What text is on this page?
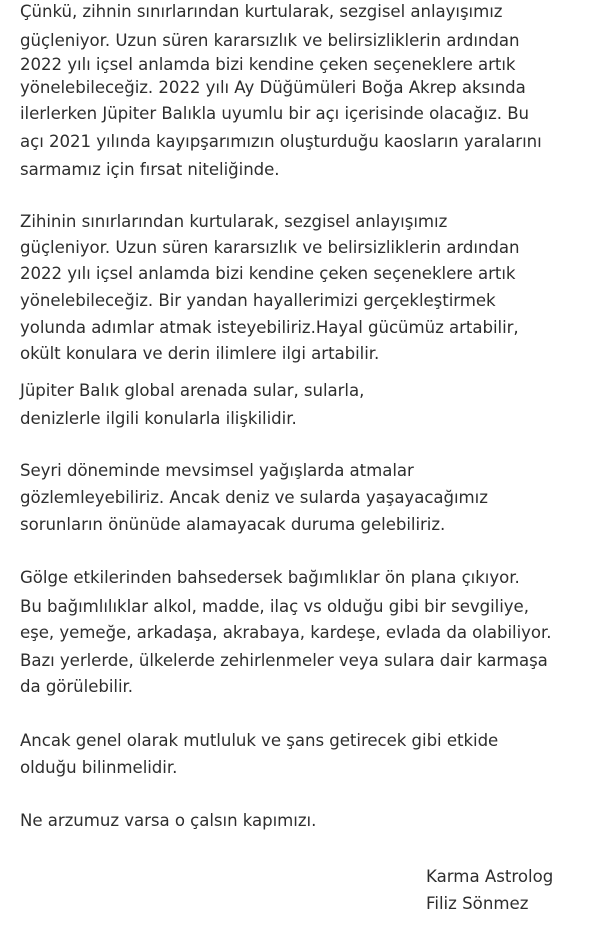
Çünkü, zihnin sınırlarından kurtularak, sezgisel anlayışımız
güçleniyor. Uzun süren kararsızlık ve belirsizliklerin ardından
2022 yılı içsel anlamda bizi kendine çeken seçeneklere artık
yönelebileceğiz. 2022 yılı Ay Düğümüleri Boğa Akrep aksında
ilerlerken Jüpiter Balıkla uyumlu bir açı içerisinde olacağız. Bu
açı 2021 yılında kayıpşarımızın oluşturduğu kaosların yaralarını
sarmamız için fırsat niteliğinde.
Zihinin sınırlarından kurtularak, sezgisel anlayışımız
güçleniyor. Uzun süren kararsızlık ve belirsizliklerin ardından
2022 yılı içsel anlamda bizi kendine çeken seçeneklere artık
yönelebileceğiz. Bir yandan hayallerimizi gerçekleştirmek
yolunda adımlar atmak isteyebiliriz.Hayal gücümüz artabilir,
okült konulara ve derin ilimlere ilgi artabilir.
Jüpiter Balık global arenada sular, sularla,
denizlerle ilgili konularla ilişkilidir.
Seyri döneminde mevsimsel yağışlarda atmalar
gözlemleyebiliriz. Ancak deniz ve sularda yaşayacağımız
sorunların önünüde alamayacak duruma gelebiliriz.
Gölge etkilerinden bahsedersek bağımlıklar ön plana çıkıyor.
Bu bağımlılıklar alkol, madde, ilaç vs olduğu gibi bir sevgiliye,
eşe, yemeğe, arkadaşa, akrabaya, kardeşe, evlada da olabiliyor.
Bazı yerlerde, ülkelerde zehirlenmeler veya sulara dair karmaşa
da görülebilir.
Ancak genel olarak mutluluk ve şans getirecek gibi etkide
olduğu bilinmelidir.
Ne arzumuz varsa o çalsın kapımızı.
Karma Astrolog
Filiz Sönmez
